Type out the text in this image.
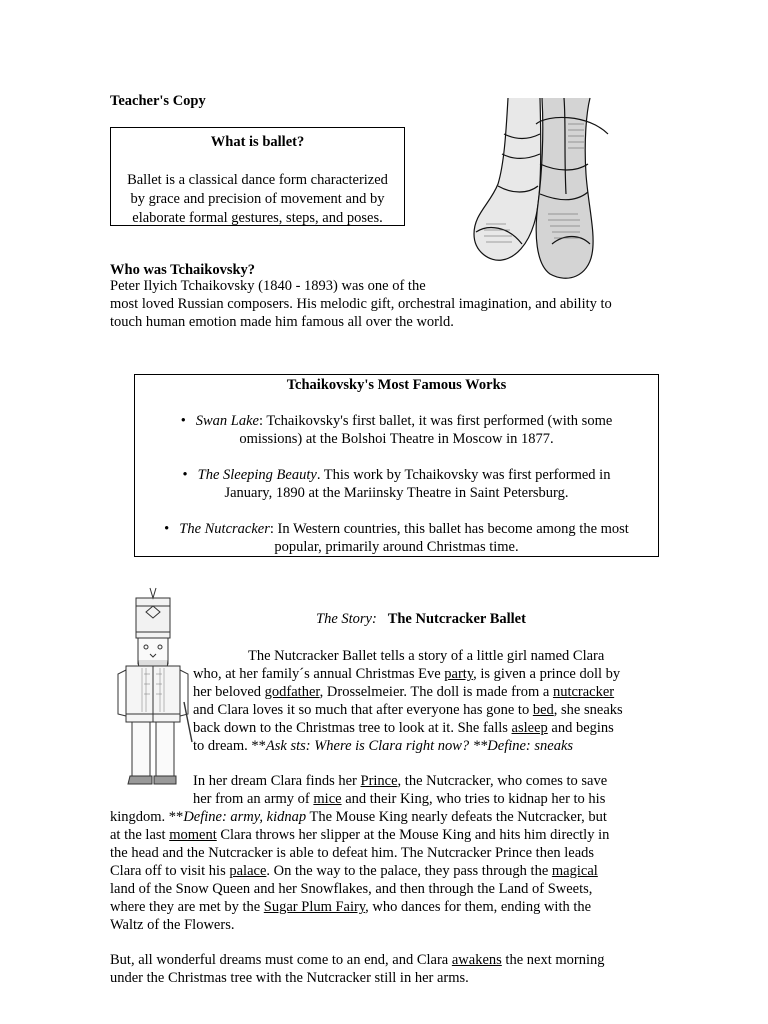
Teacher's Copy
What is ballet?
Ballet is a classical dance form characterized
by grace and precision of movement and by
elaborate formal gestures, steps, and poses.
Who was Tchaikovsky?
Peter Ilyich Tchaikovsky (1840 - 1893) was one of the
most loved Russian composers. His melodic gift, orchestral imagination, and ability to
touch human emotion made him famous all over the world.
Tchaikovsky's Most Famous Works
• Swan Lake: Tchaikovsky's first ballet, it was first performed (with some
omissions) at the Bolshoi Theatre in Moscow in 1877.
• The Sleeping Beauty. This work by Tchaikovsky was first performed in
January, 1890 at the Mariinsky Theatre in Saint Petersburg.
• The Nutcracker: In Western countries, this ballet has become among the most
popular, primarily around Christmas time.
The Story: The Nutcracker Ballet
The Nutcracker Ballet tells a story of a little girl named Clara
who, at her family´s annual Christmas Eve party, is given a prince doll by
her beloved godfather, Drosselmeier. The doll is made from a nutcracker
and Clara loves it so much that after everyone has gone to bed, she sneaks
back down to the Christmas tree to look at it. She falls asleep and begins
to dream. **Ask sts: Where is Clara right now? **Define: sneaks
In her dream Clara finds her Prince, the Nutcracker, who comes to save
her from an army of mice and their King, who tries to kidnap her to his
kingdom. **Define: army, kidnap The Mouse King nearly defeats the Nutcracker, but
at the last moment Clara throws her slipper at the Mouse King and hits him directly in
the head and the Nutcracker is able to defeat him. The Nutcracker Prince then leads
Clara off to visit his palace. On the way to the palace, they pass through the magical
land of the Snow Queen and her Snowflakes, and then through the Land of Sweets,
where they are met by the Sugar Plum Fairy, who dances for them, ending with the
Waltz of the Flowers.
But, all wonderful dreams must come to an end, and Clara awakens the next morning
under the Christmas tree with the Nutcracker still in her arms.
